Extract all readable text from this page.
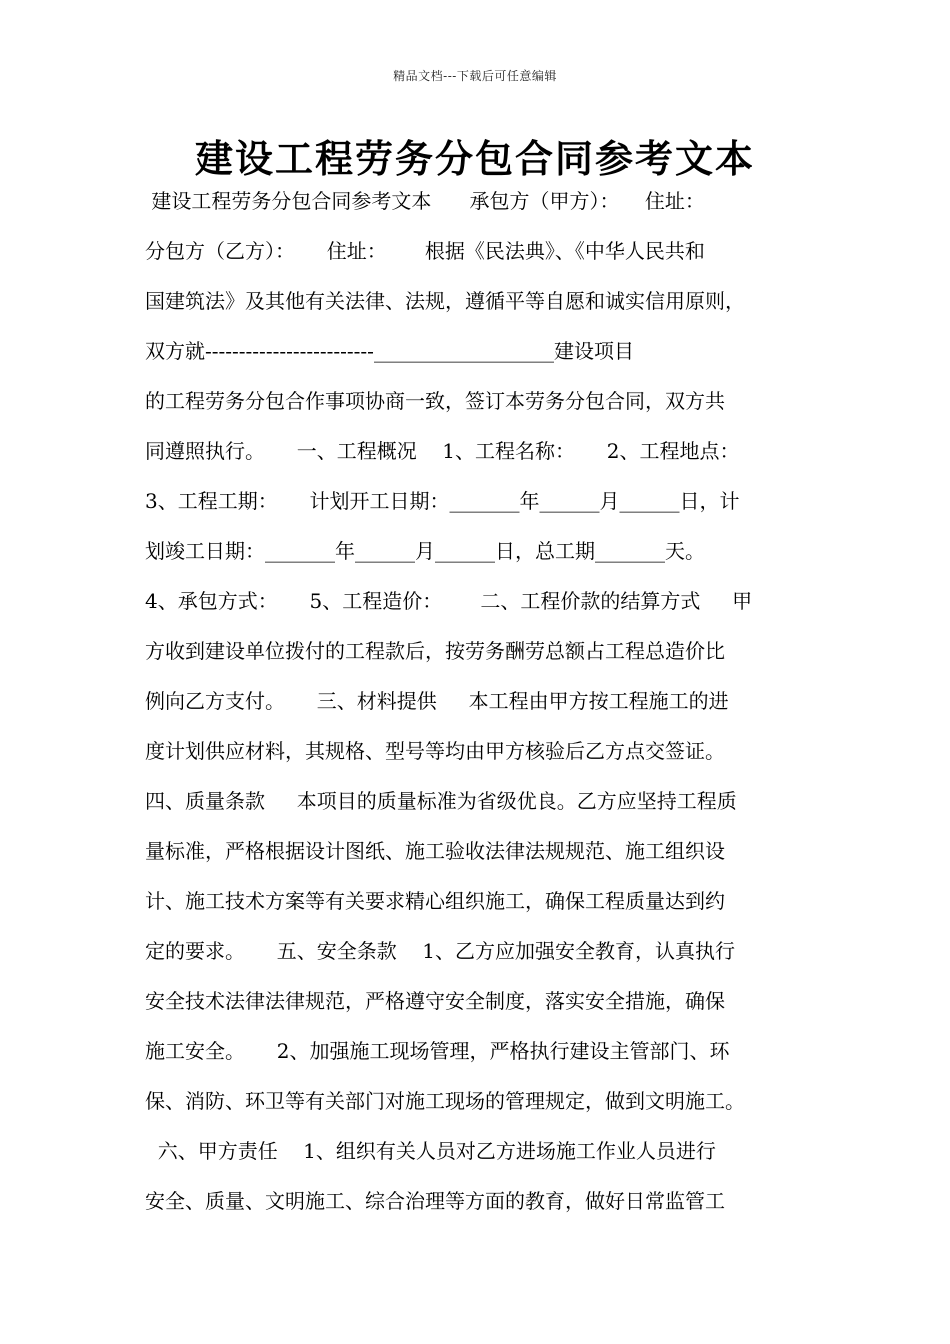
精品文档---下载后可任意编辑
建设工程劳务分包合同参考文本
建设工程劳务分包合同参考文本      承包方（甲方）：    住址：
分包方（乙方）：     住址：      根据《民法典》、《中华人民共和
国建筑法》及其他有关法律、法规，遵循平等自愿和诚实信用原则，
双方就-------------------------__________________建设项目
的工程劳务分包合作事项协商一致，签订本劳务分包合同，双方共
同遵照执行。     一、工程概况    1、工程名称：     2、工程地点：
3、工程工期：     计划开工日期：_______年______月______日，计
划竣工日期：_______年______月______日，总工期_______天。
4、承包方式：     5、工程造价：      二、工程价款的结算方式     甲
方收到建设单位拨付的工程款后，按劳务酬劳总额占工程总造价比
例向乙方支付。     三、材料提供     本工程由甲方按工程施工的进
度计划供应材料，其规格、型号等均由甲方核验后乙方点交签证。
四、质量条款     本项目的质量标准为省级优良。乙方应坚持工程质
量标准，严格根据设计图纸、施工验收法律法规规范、施工组织设
计、施工技术方案等有关要求精心组织施工，确保工程质量达到约
定的要求。     五、安全条款    1、乙方应加强安全教育，认真执行
安全技术法律法律规范，严格遵守安全制度，落实安全措施，确保
施工安全。     2、加强施工现场管理，严格执行建设主管部门、环
保、消防、环卫等有关部门对施工现场的管理规定，做到文明施工。
六、甲方责任    1、组织有关人员对乙方进场施工作业人员进行
安全、质量、文明施工、综合治理等方面的教育，做好日常监管工
